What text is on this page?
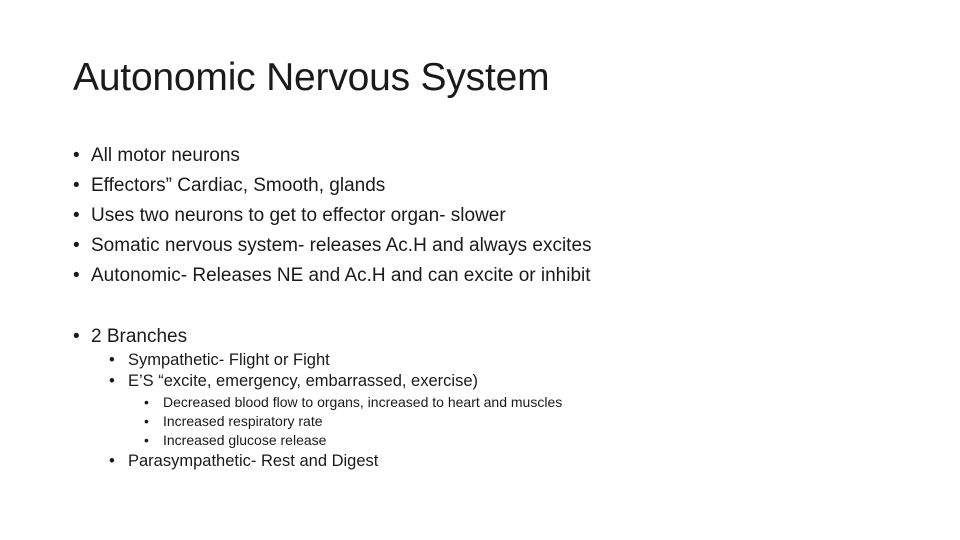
Autonomic Nervous System
• All motor neurons
• Effectors” Cardiac, Smooth, glands
• Uses two neurons to get to effector organ- slower
• Somatic nervous system- releases Ac.H and always excites
• Autonomic- Releases NE and Ac.H and can excite or inhibit
• 2 Branches
• Sympathetic- Flight or Fight
• E’S “excite, emergency, embarrassed, exercise)
• Decreased blood flow to organs, increased to heart and muscles
• Increased respiratory rate
• Increased glucose release
• Parasympathetic- Rest and Digest
